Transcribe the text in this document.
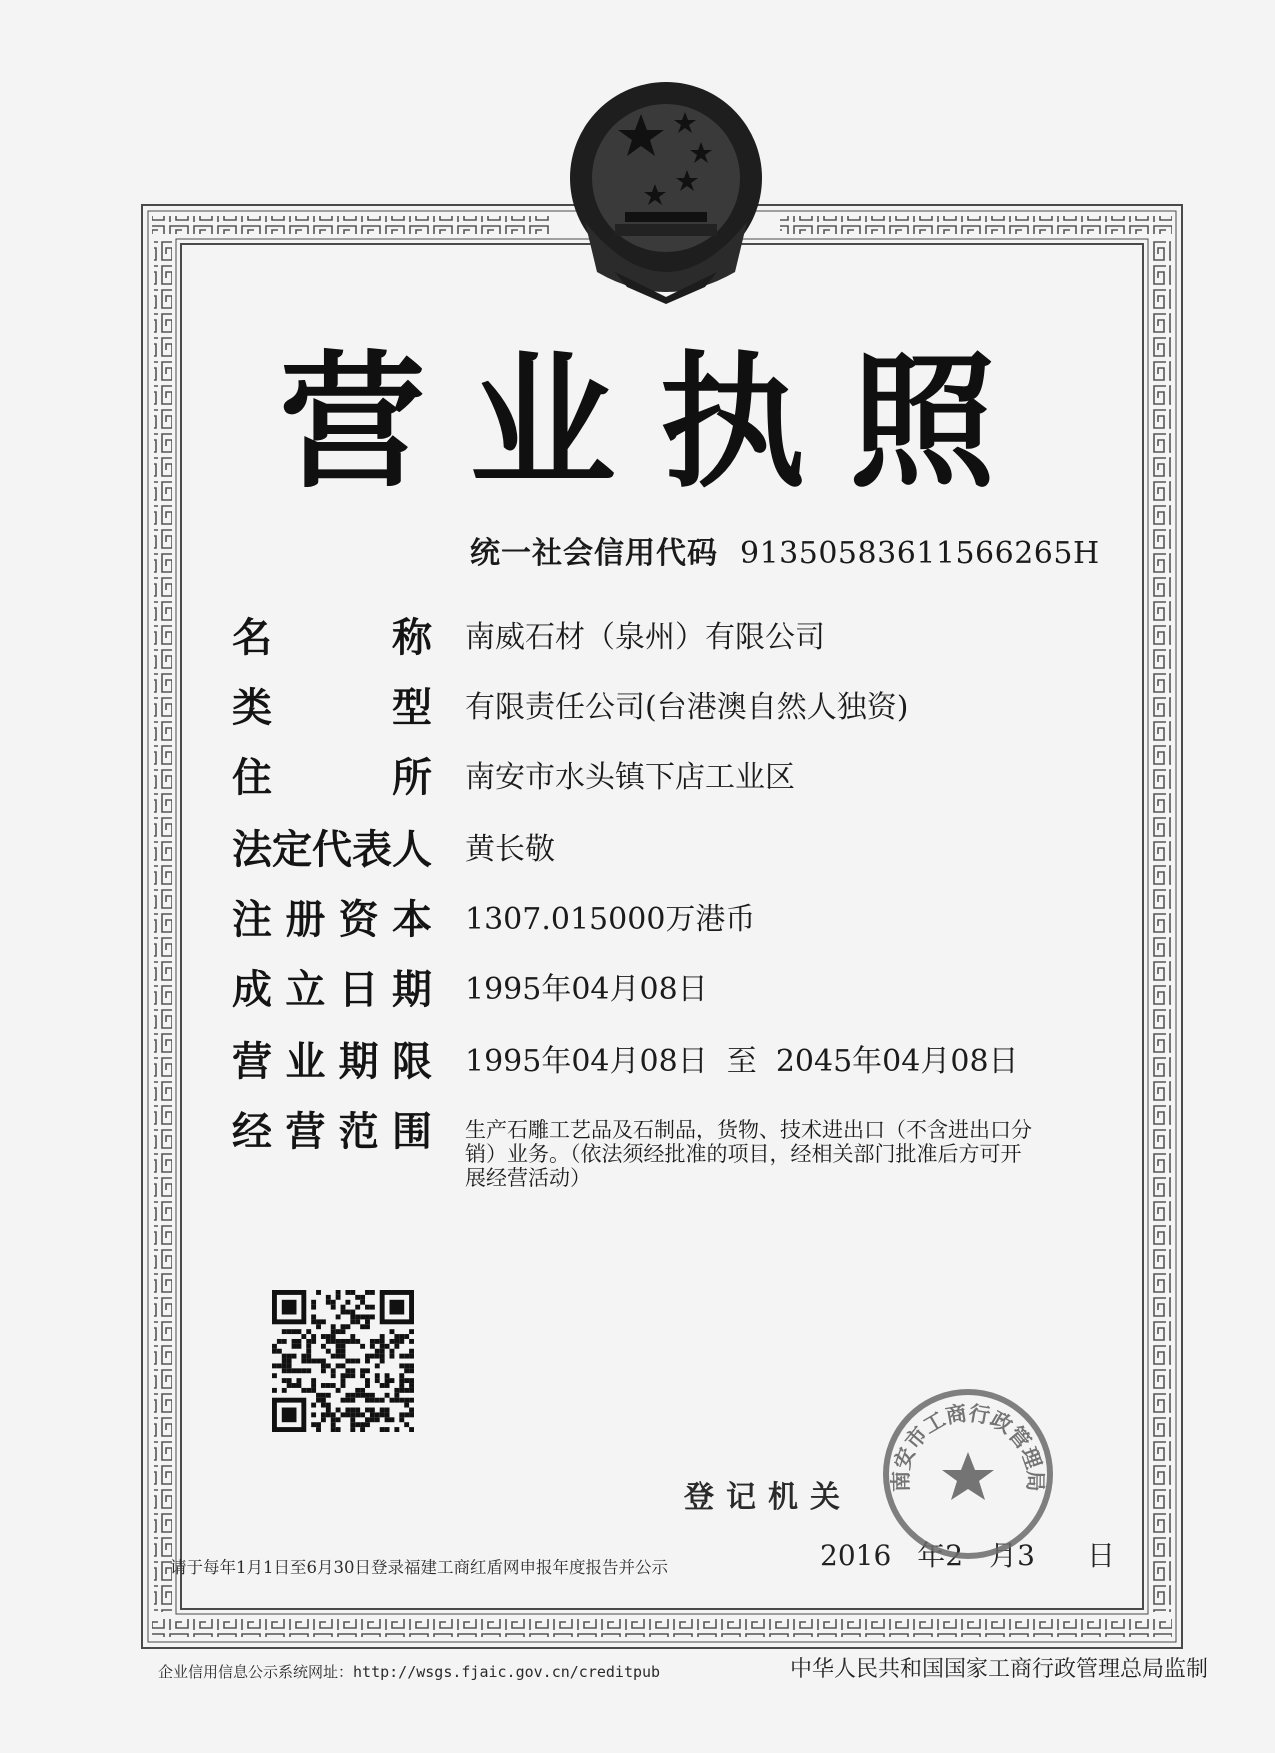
营业执照
统一社会信用代码 91350583611566265H
名	称 南威石材（泉州）有限公司
类	型 有限责任公司(台港澳自然人独资)
住	所 南安市水头镇下店工业区
法 定 代 表 人 黄长敬
注 册 资 本 1307.015000万港币
成 立 日 期 1995年04月08日
营 业 期 限 1995年04月08日  至  2045年04月08日
经 营 范 围 生产石雕工艺品及石制品，货物、技术进出口（不含进出口分销）业务。（依法须经批准的项目，经相关部门批准后方可开展经营活动）
登记机关
2016 年2 月3 日
南安市工商行政管理局
请于每年1月1日至6月30日登录福建工商红盾网申报年度报告并公示
企业信用信息公示系统网址：http://wsgs.fjaic.gov.cn/creditpub	中华人民共和国国家工商行政管理总局监制
